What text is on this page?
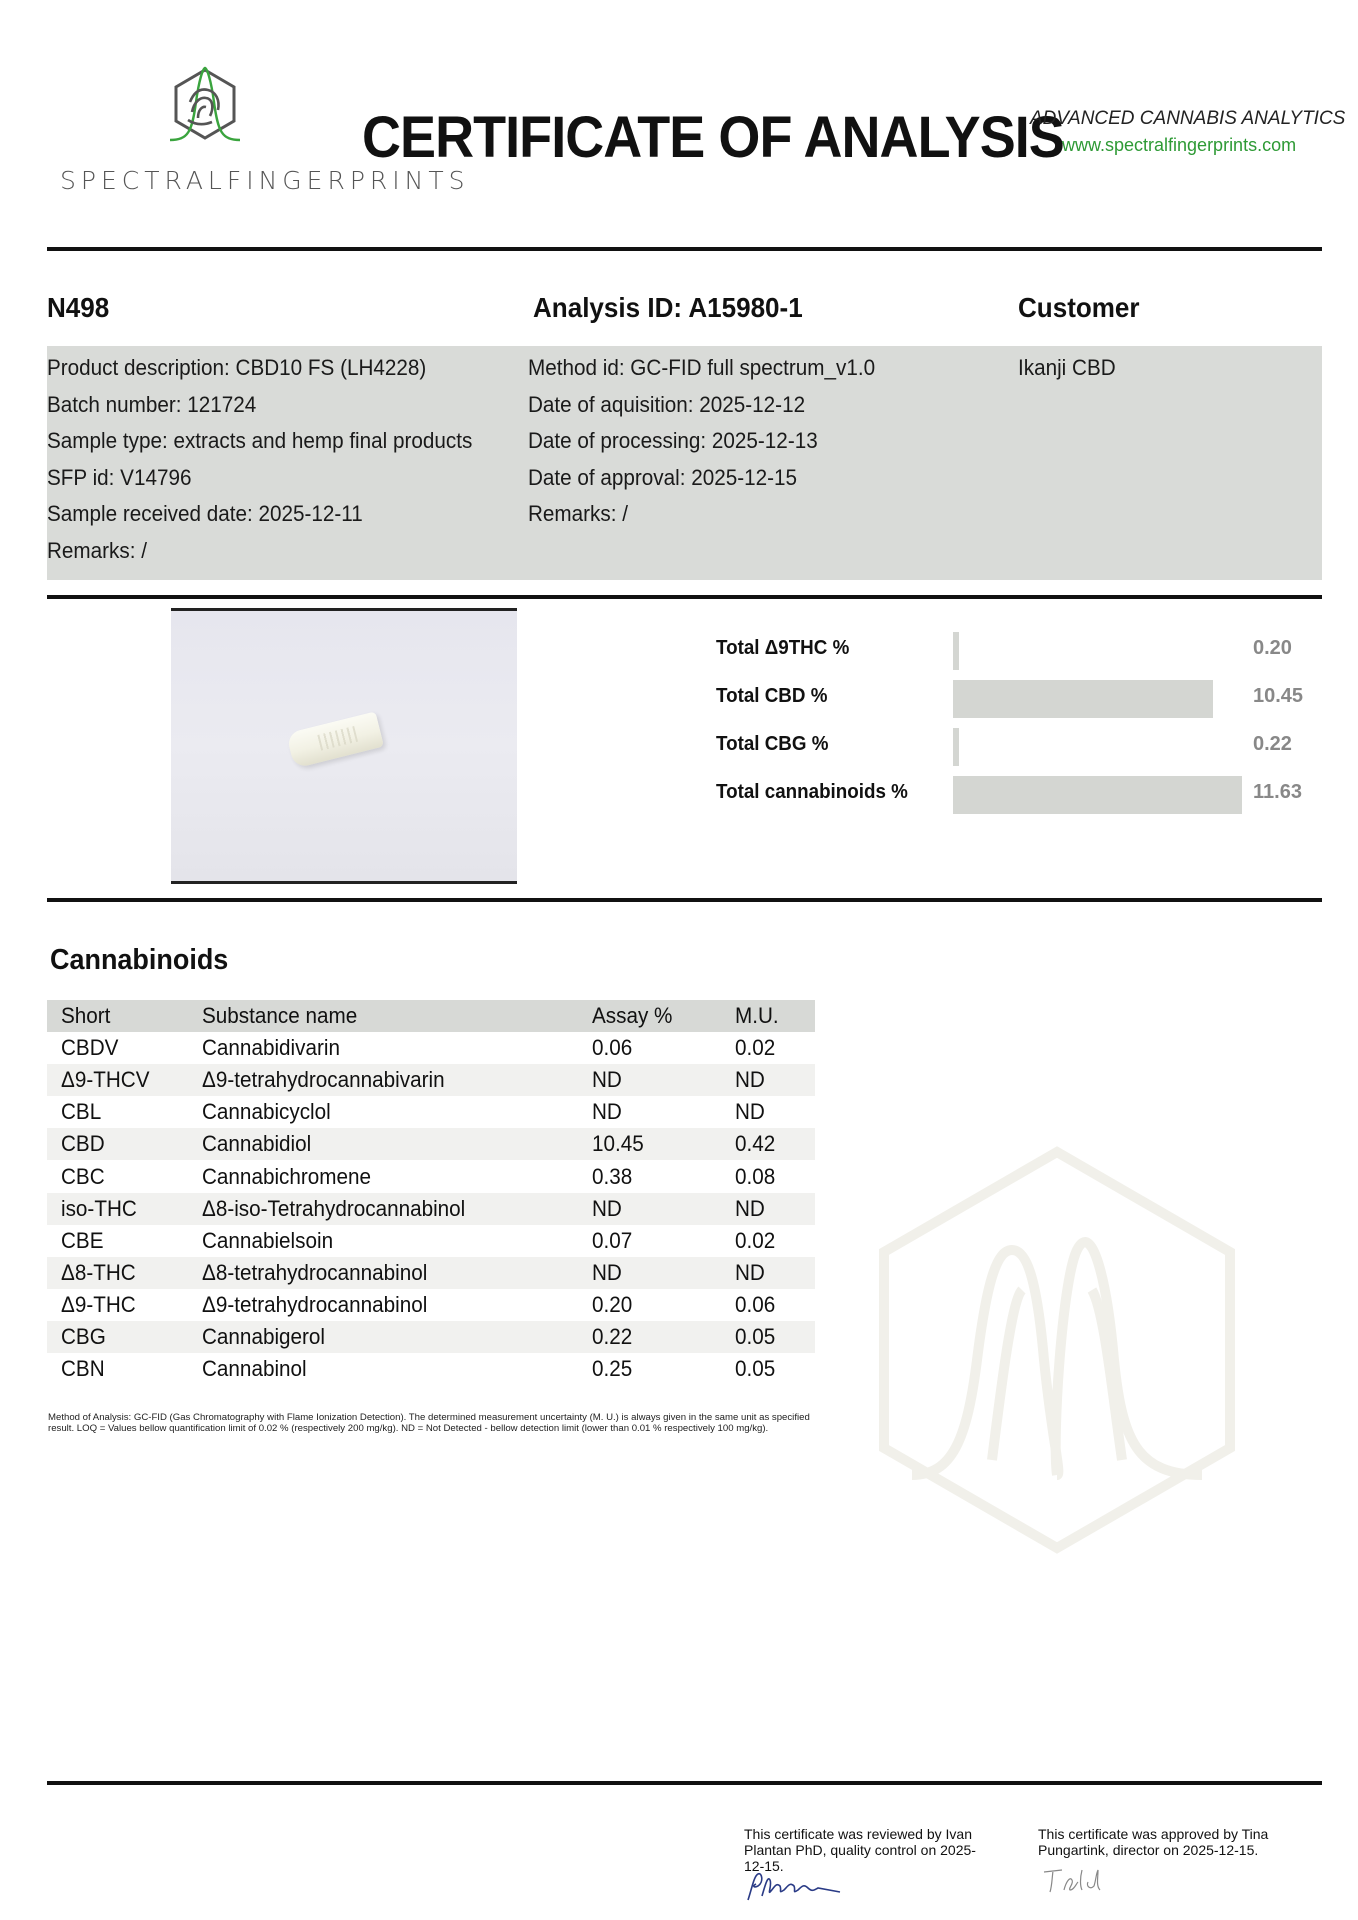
SPECTRALFINGERPRINTS
CERTIFICATE OF ANALYSIS
ADVANCED CANNABIS ANALYTICS
www.spectralfingerprints.com
N498	Analysis ID: A15980-1	Customer
Product description: CBD10 FS (LH4228)
Batch number: 121724
Sample type: extracts and hemp final products
SFP id: V14796
Sample received date: 2025-12-11
Remarks: /
Method id: GC-FID full spectrum_v1.0
Date of aquisition: 2025-12-12
Date of processing: 2025-12-13
Date of approval: 2025-12-15
Remarks: /
Ikanji CBD
Total Δ9THC %	0.20
Total CBD %	10.45
Total CBG %	0.22
Total cannabinoids %	11.63
Cannabinoids
Short	Substance name	Assay %	M.U.
CBDV	Cannabidivarin	0.06	0.02
Δ9-THCV	Δ9-tetrahydrocannabivarin	ND	ND
CBL	Cannabicyclol	ND	ND
CBD	Cannabidiol	10.45	0.42
CBC	Cannabichromene	0.38	0.08
iso-THC	Δ8-iso-Tetrahydrocannabinol	ND	ND
CBE	Cannabielsoin	0.07	0.02
Δ8-THC	Δ8-tetrahydrocannabinol	ND	ND
Δ9-THC	Δ9-tetrahydrocannabinol	0.20	0.06
CBG	Cannabigerol	0.22	0.05
CBN	Cannabinol	0.25	0.05
Method of Analysis: GC-FID (Gas Chromatography with Flame Ionization Detection). The determined measurement uncertainty (M. U.) is always given in the same unit as specified result. LOQ = Values bellow quantification limit of 0.02 % (respectively 200 mg/kg). ND = Not Detected - bellow detection limit (lower than 0.01 % respectively 100 mg/kg).
This certificate was reviewed by Ivan Plantan PhD, quality control on 2025-12-15.
This certificate was approved by Tina Pungartink, director on 2025-12-15.
